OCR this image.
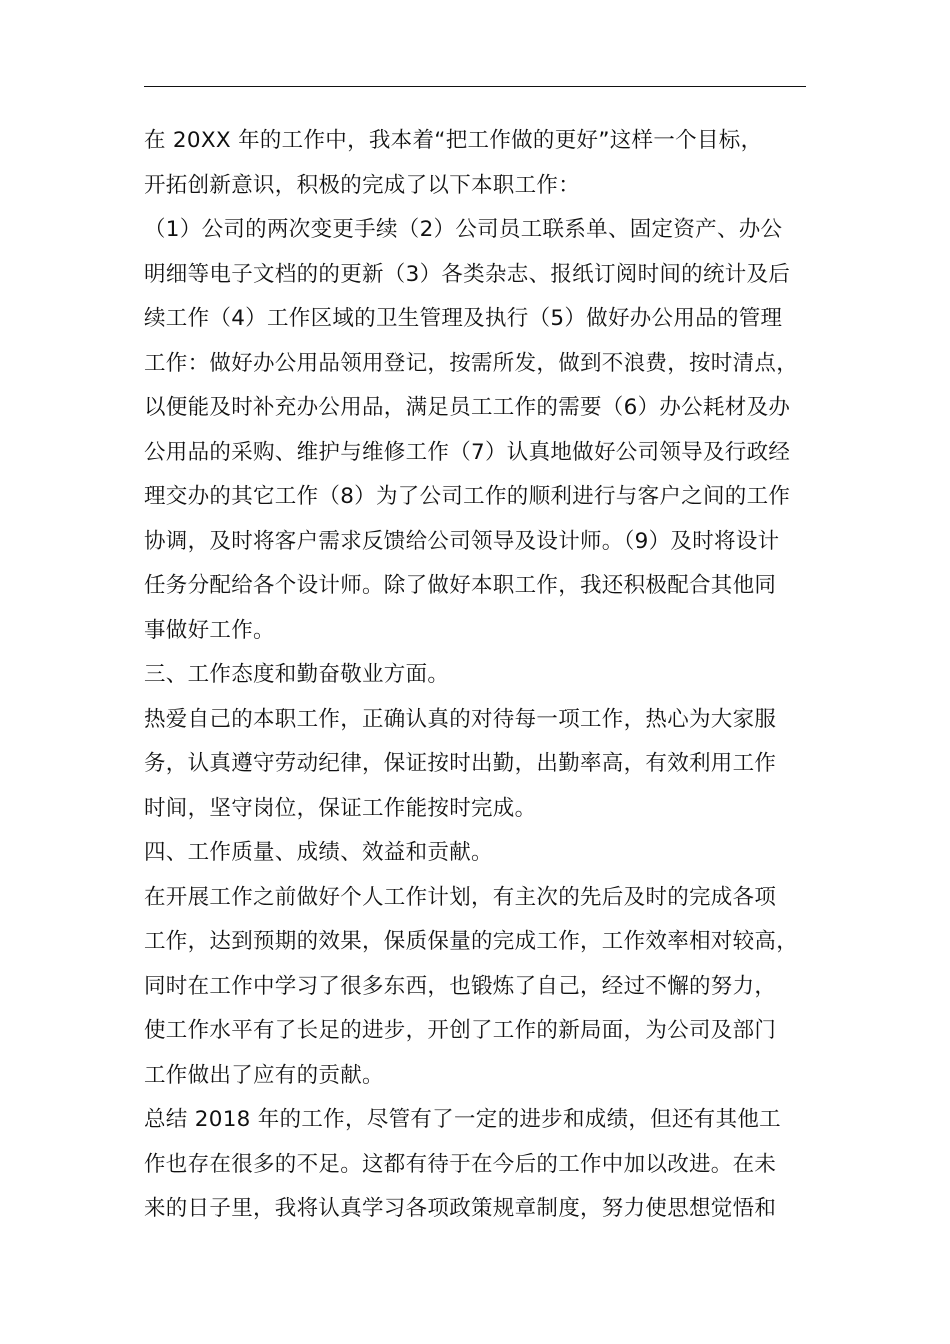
在 20XX 年的工作中，我本着“把工作做的更好”这样一个目标，
开拓创新意识，积极的完成了以下本职工作：
（1）公司的两次变更手续（2）公司员工联系单、固定资产、办公
明细等电子文档的的更新（3）各类杂志、报纸订阅时间的统计及后
续工作（4）工作区域的卫生管理及执行（5）做好办公用品的管理
工作：做好办公用品领用登记，按需所发，做到不浪费，按时清点，
以便能及时补充办公用品，满足员工工作的需要（6）办公耗材及办
公用品的采购、维护与维修工作（7）认真地做好公司领导及行政经
理交办的其它工作（8）为了公司工作的顺利进行与客户之间的工作
协调，及时将客户需求反馈给公司领导及设计师。（9）及时将设计
任务分配给各个设计师。除了做好本职工作，我还积极配合其他同
事做好工作。
三、工作态度和勤奋敬业方面。
热爱自己的本职工作，正确认真的对待每一项工作，热心为大家服
务，认真遵守劳动纪律，保证按时出勤，出勤率高，有效利用工作
时间，坚守岗位，保证工作能按时完成。
四、工作质量、成绩、效益和贡献。
在开展工作之前做好个人工作计划，有主次的先后及时的完成各项
工作，达到预期的效果，保质保量的完成工作，工作效率相对较高，
同时在工作中学习了很多东西，也锻炼了自己，经过不懈的努力，
使工作水平有了长足的进步，开创了工作的新局面，为公司及部门
工作做出了应有的贡献。
总结 2018 年的工作，尽管有了一定的进步和成绩，但还有其他工
作也存在很多的不足。这都有待于在今后的工作中加以改进。在未
来的日子里，我将认真学习各项政策规章制度，努力使思想觉悟和
